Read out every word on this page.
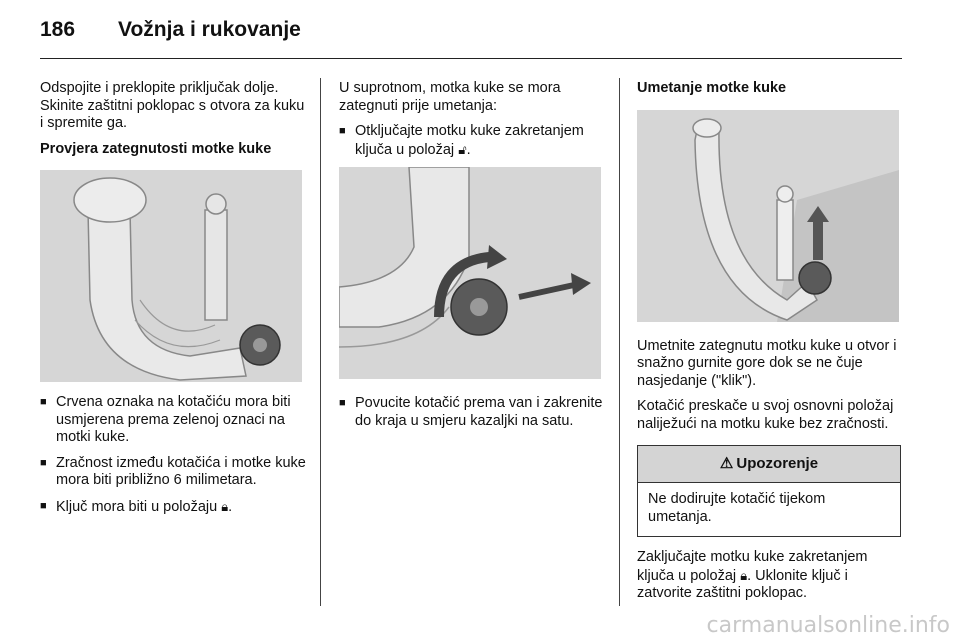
186	Vožnja i rukovanje

Odspojite i preklopite priključak dolje. Skinite zaštitni poklopac s otvora za kuku i spremite ga.

Provjera zategnutosti motke kuke
■ Crvena oznaka na kotačiću mora biti usmjerena prema zelenoj oznaci na motki kuke.
■ Zračnost između kotačića i motke kuke mora biti približno 6 milimetara.
■ Ključ mora biti u položaju 🔒︎.

U suprotnom, motka kuke se mora zategnuti prije umetanja:

■ Otključajte motku kuke zakretanjem ključa u položaj 🔓︎.
■ Povucite kotačić prema van i zakrenite do kraja u smjeru kazaljki na satu.
Umetanje motke kuke

Umetnite zategnutu motku kuke u otvor i snažno gurnite gore dok se ne čuje nasjedanje ("klik").

Kotačić preskače u svoj osnovni položaj naliježući na motku kuke bez zračnosti.

⚠ Upozorenje
Ne dodirujte kotačić tijekom umetanja.

Zaključajte motku kuke zakretanjem ključa u položaj 🔒︎. Uklonite ključ i zatvorite zaštitni poklopac.

carmanualsonline.info
